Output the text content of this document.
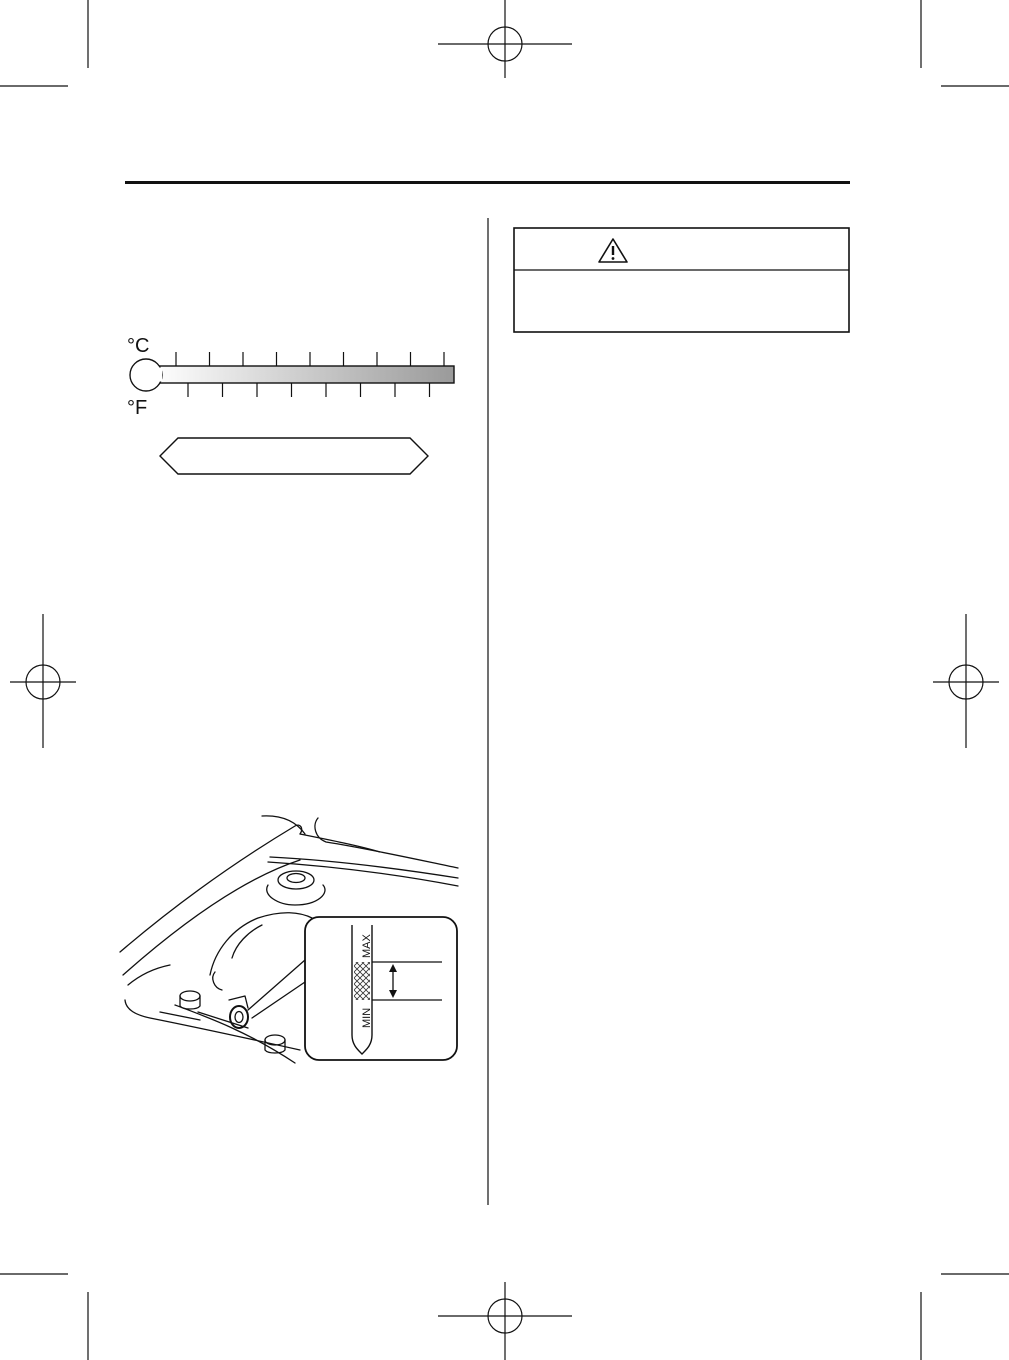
°C
°F
MAX
MIN
